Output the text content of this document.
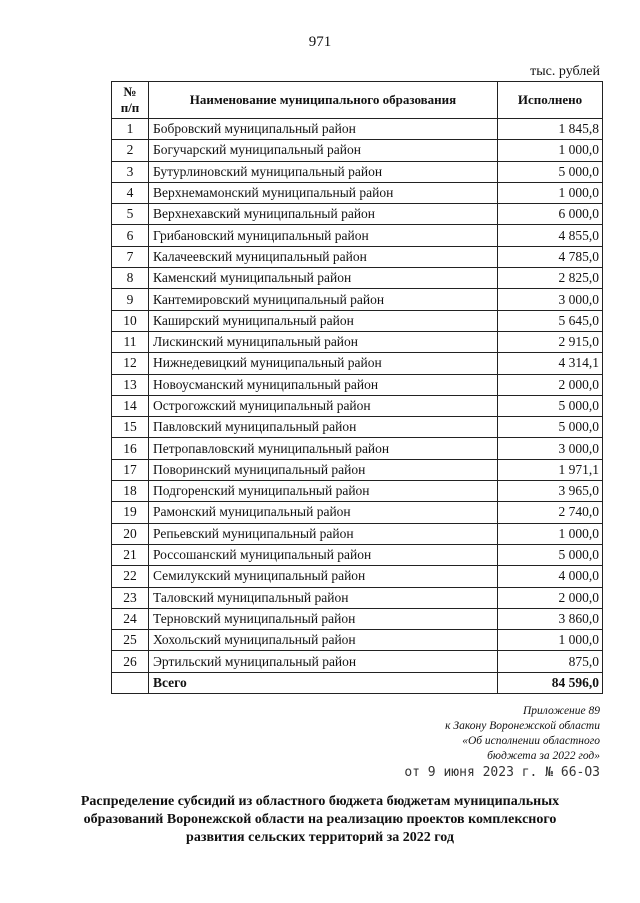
971
тыс. рублей
№
п/п	Наименование муниципального образования	Исполнено
1	Бобровский муниципальный район	1 845,8
2	Богучарский муниципальный район	1 000,0
3	Бутурлиновский муниципальный район	5 000,0
4	Верхнемамонский муниципальный район	1 000,0
5	Верхнехавский муниципальный район	6 000,0
6	Грибановский муниципальный район	4 855,0
7	Калачеевский муниципальный район	4 785,0
8	Каменский муниципальный район	2 825,0
9	Кантемировский муниципальный район	3 000,0
10	Каширский муниципальный район	5 645,0
11	Лискинский муниципальный район	2 915,0
12	Нижнедевицкий муниципальный район	4 314,1
13	Новоусманский муниципальный район	2 000,0
14	Острогожский муниципальный район	5 000,0
15	Павловский муниципальный район	5 000,0
16	Петропавловский муниципальный район	3 000,0
17	Поворинский муниципальный район	1 971,1
18	Подгоренский муниципальный район	3 965,0
19	Рамонский муниципальный район	2 740,0
20	Репьевский муниципальный район	1 000,0
21	Россошанский муниципальный район	5 000,0
22	Семилукский муниципальный район	4 000,0
23	Таловский муниципальный район	2 000,0
24	Терновский муниципальный район	3 860,0
25	Хохольский муниципальный район	1 000,0
26	Эртильский муниципальный район	875,0
	Всего	84 596,0
Приложение 89
к Закону Воронежской области
«Об исполнении областного
бюджета за 2022 год»
от 9 июня 2023 г. № 66-ОЗ
Распределение субсидий из областного бюджета бюджетам муниципальных образований Воронежской области на реализацию проектов комплексного развития сельских территорий за 2022 год
